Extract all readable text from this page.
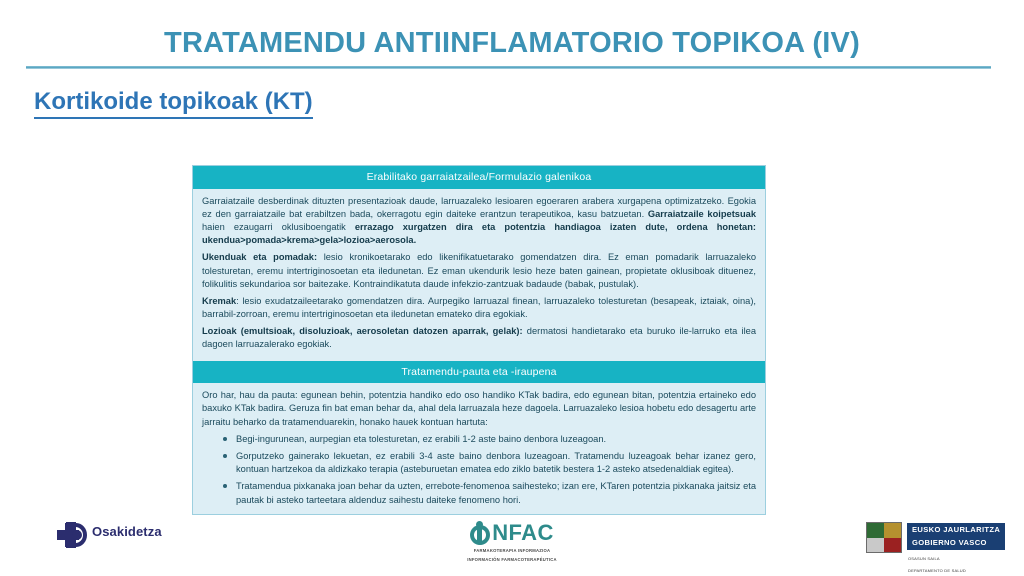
TRATAMENDU ANTIINFLAMATORIO TOPIKOA (IV)
Kortikoide topikoak (KT)
Erabilitako garraiatzailea/Formulazio galenikoa

Garraiatzaile desberdinak dituzten presentazioak daude, larruazaleko lesioaren egoeraren arabera xurgapena optimizatzeko. Egokia ez den garraiatzaile bat erabiltzen bada, okerragotu egin daiteke erantzun terapeutikoa, kasu batzuetan. Garraiatzaile koipetsuak haien ezaugarri oklusiboengatik errazago xurgatzen dira eta potentzia handiagoa izaten dute, ordena honetan: ukendua>pomada>krema>gela>lozioa>aerosola.

Ukenduak eta pomadak: lesio kronikoetarako edo likenifikatuetarako gomendatzen dira. Ez eman pomadarik larruazaleko tolesturetan, eremu intertriginosoetan eta iledunetan. Ez eman ukendurik lesio heze baten gainean, propietate oklusiboak dituenez, folikulitis sekundarioa sor baitezake. Kontraindikatuta daude infekzio-zantzuak badaude (babak, pustulak).

Kremak: lesio exudatzaileetarako gomendatzen dira. Aurpegiko larruazal finean, larruazaleko tolesturetan (besapeak, iztaiak, oina), barrabil-zorroan, eremu intertriginosoetan eta iledunetan emateko dira egokiak.

Lozioak (emultsioak, disoluzioak, aerosoletan datozen aparrak, gelak): dermatosi handietarako eta buruko ile-larruko eta ilea dagoen larruazalerako egokiak.

Tratamendu-pauta eta -iraupena

Oro har, hau da pauta: egunean behin, potentzia handiko edo oso handiko KTak badira, edo egunean bitan, potentzia ertaineko edo baxuko KTak badira. Geruza fin bat eman behar da, ahal dela larruazala heze dagoela. Larruazaleko lesioa hobetu edo desagertu arte jarraitu beharko da tratamenduarekin, honako hauek kontuan hartuta:

Begi-ingurunean, aurpegian eta tolesturetan, ez erabili 1-2 aste baino denbora luzeagoan.
Gorputzeko gainerako lekuetan, ez erabili 3-4 aste baino denbora luzeagoan. Tratamendu luzeagoak behar izanez gero, kontuan hartzekoa da aldizkako terapia (asteburuetan ematea edo ziklo batetik bestera 1-2 asteko atsedenaldiak egitea).
Tratamendua pixkanaka joan behar da uzten, errebote-fenomenoa saihesteko; izan ere, KTaren potentzia pixkanaka jaitsiz eta pautak bi asteko tarteetara aldenduz saihestu daiteke fenomeno hori.
Osakidetza	NFAC
FARMAKOTERAPIA INFORMAZIOA
INFORMACIÓN FARMACOTERAPÉUTICA
EUSKO JAURLARITZA
GOBIERNO VASCO
OSASUN SAILA
DEPARTAMENTO DE SALUD
